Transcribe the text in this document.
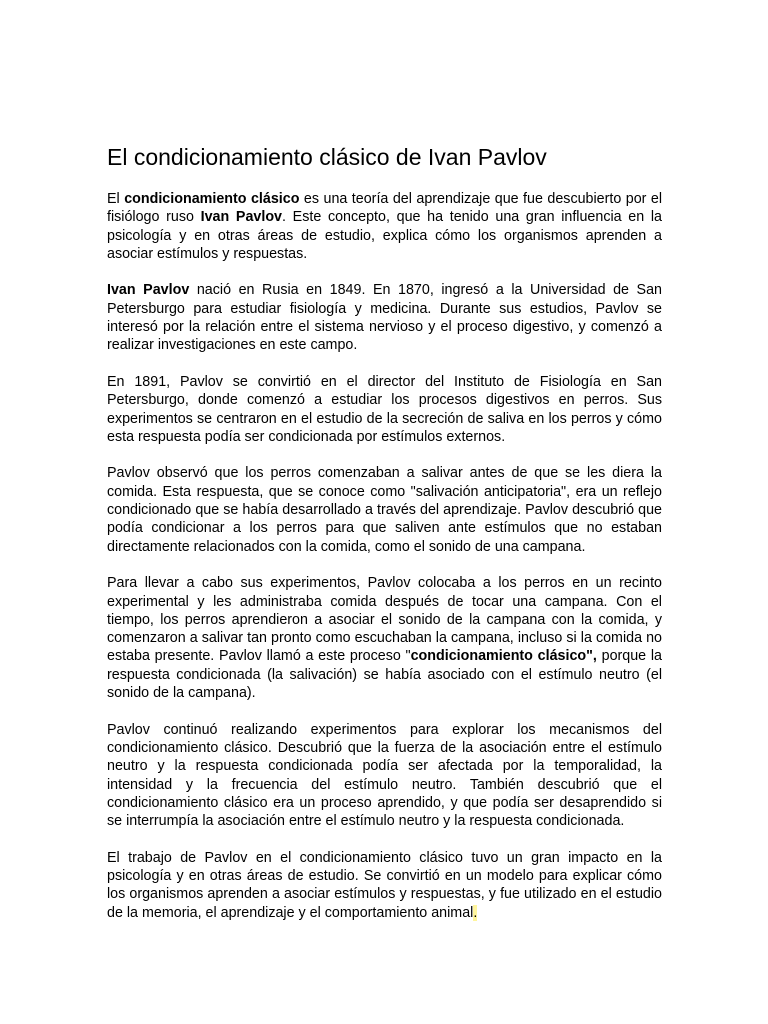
El condicionamiento clásico de Ivan Pavlov

El condicionamiento clásico es una teoría del aprendizaje que fue descubierto por el fisiólogo ruso Ivan Pavlov. Este concepto, que ha tenido una gran influencia en la psicología y en otras áreas de estudio, explica cómo los organismos aprenden a asociar estímulos y respuestas.

Ivan Pavlov nació en Rusia en 1849. En 1870, ingresó a la Universidad de San Petersburgo para estudiar fisiología y medicina. Durante sus estudios, Pavlov se interesó por la relación entre el sistema nervioso y el proceso digestivo, y comenzó a realizar investigaciones en este campo.

En 1891, Pavlov se convirtió en el director del Instituto de Fisiología en San Petersburgo, donde comenzó a estudiar los procesos digestivos en perros. Sus experimentos se centraron en el estudio de la secreción de saliva en los perros y cómo esta respuesta podía ser condicionada por estímulos externos.

Pavlov observó que los perros comenzaban a salivar antes de que se les diera la comida. Esta respuesta, que se conoce como "salivación anticipatoria", era un reflejo condicionado que se había desarrollado a través del aprendizaje. Pavlov descubrió que podía condicionar a los perros para que saliven ante estímulos que no estaban directamente relacionados con la comida, como el sonido de una campana.

Para llevar a cabo sus experimentos, Pavlov colocaba a los perros en un recinto experimental y les administraba comida después de tocar una campana. Con el tiempo, los perros aprendieron a asociar el sonido de la campana con la comida, y comenzaron a salivar tan pronto como escuchaban la campana, incluso si la comida no estaba presente. Pavlov llamó a este proceso "condicionamiento clásico", porque la respuesta condicionada (la salivación) se había asociado con el estímulo neutro (el sonido de la campana).

Pavlov continuó realizando experimentos para explorar los mecanismos del condicionamiento clásico. Descubrió que la fuerza de la asociación entre el estímulo neutro y la respuesta condicionada podía ser afectada por la temporalidad, la intensidad y la frecuencia del estímulo neutro. También descubrió que el condicionamiento clásico era un proceso aprendido, y que podía ser desaprendido si se interrumpía la asociación entre el estímulo neutro y la respuesta condicionada.

El trabajo de Pavlov en el condicionamiento clásico tuvo un gran impacto en la psicología y en otras áreas de estudio. Se convirtió en un modelo para explicar cómo los organismos aprenden a asociar estímulos y respuestas, y fue utilizado en el estudio de la memoria, el aprendizaje y el comportamiento animal.
